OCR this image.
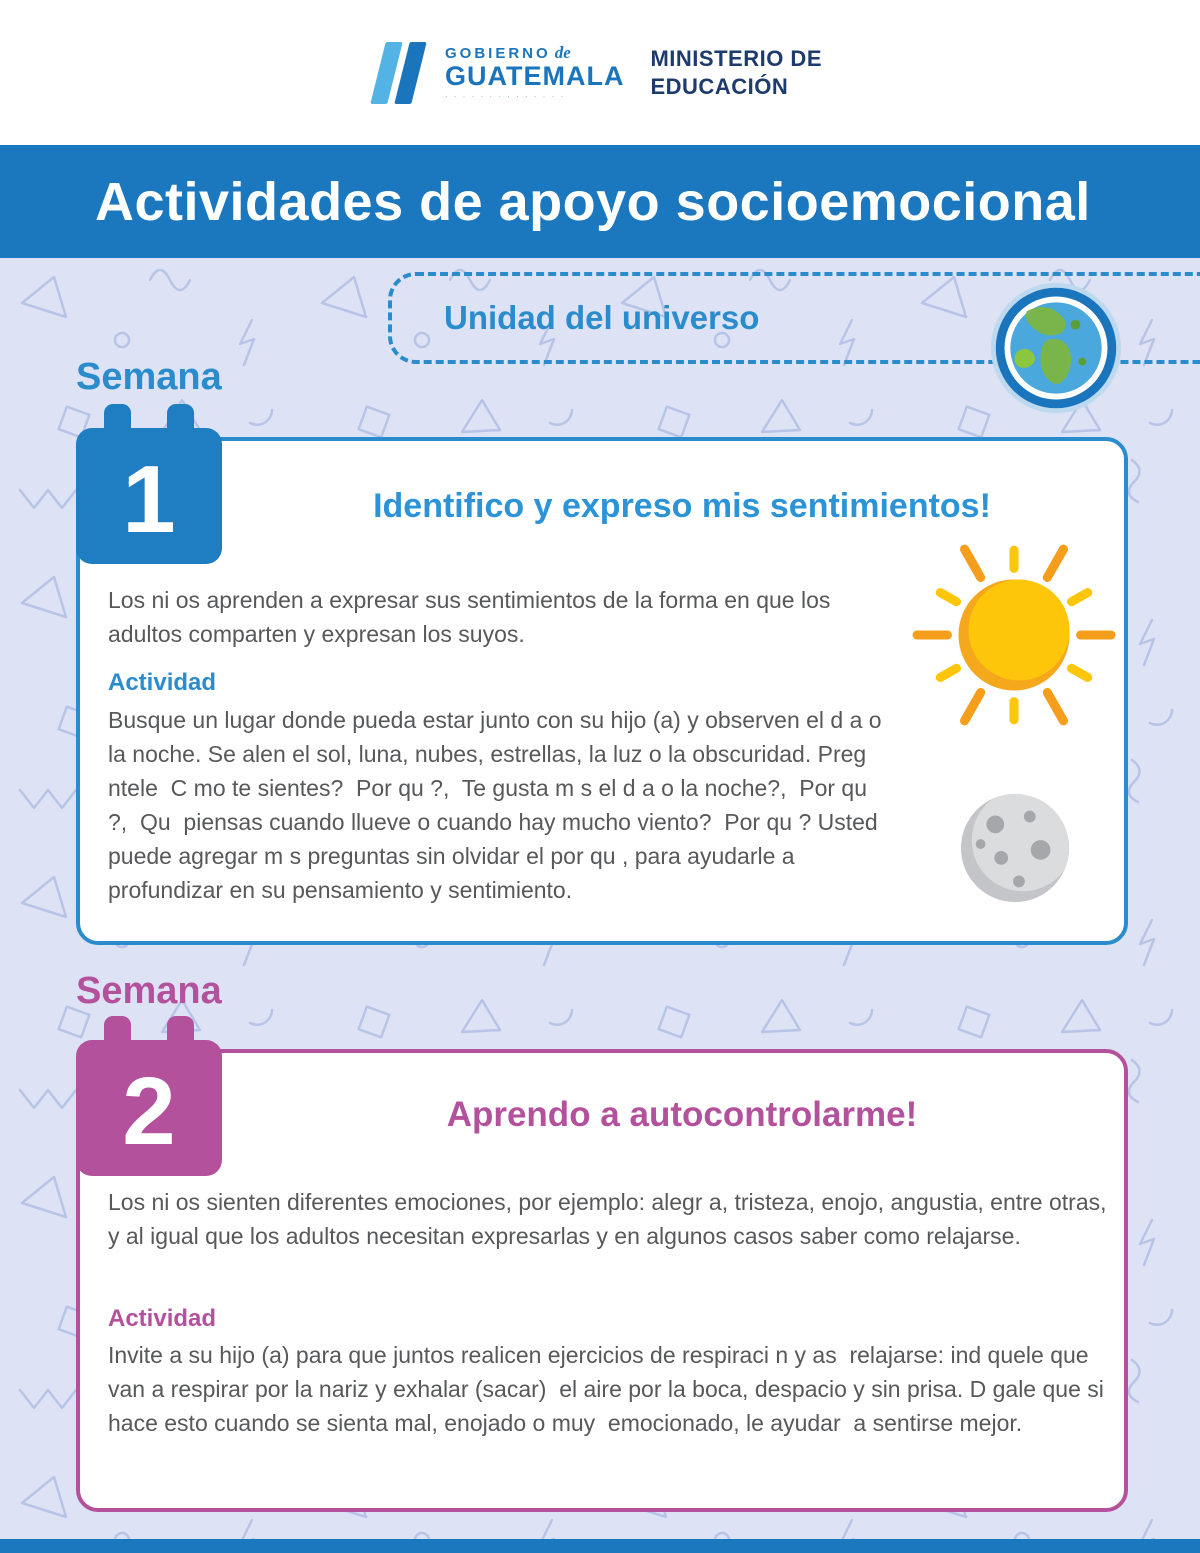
GOBIERNO de
GUATEMALA
· · · · · · · · · · · · · ·
MINISTERIO DE
EDUCACIÓN
Actividades de apoyo socioemocional
Unidad del universo
Semana
1	Identifico y expreso mis sentimientos!

Los ni os aprenden a expresar sus sentimientos de la forma en que los adultos comparten y expresan los suyos.

Actividad

Busque un lugar donde pueda estar junto con su hijo (a) y observen el d a o la noche. Se alen el sol, luna, nubes, estrellas, la luz o la obscuridad. Preg ntele  C mo te sientes?  Por qu ?,  Te gusta m s el d a o la noche?,  Por qu ?,  Qu  piensas cuando llueve o cuando hay mucho viento?  Por qu ? Usted puede agregar m s preguntas sin olvidar el por qu , para ayudarle a profundizar en su pensamiento y sentimiento.

Semana
2	Aprendo a autocontrolarme!

Los ni os sienten diferentes emociones, por ejemplo: alegr a, tristeza, enojo, angustia, entre otras, y al igual que los adultos necesitan expresarlas y en algunos casos saber como relajarse.

Actividad

Invite a su hijo (a) para que juntos realicen ejercicios de respiraci n y as  relajarse: ind quele que van a respirar por la nariz y exhalar (sacar)  el aire por la boca, despacio y sin prisa. D gale que si hace esto cuando se sienta mal, enojado o muy  emocionado, le ayudar  a sentirse mejor.
